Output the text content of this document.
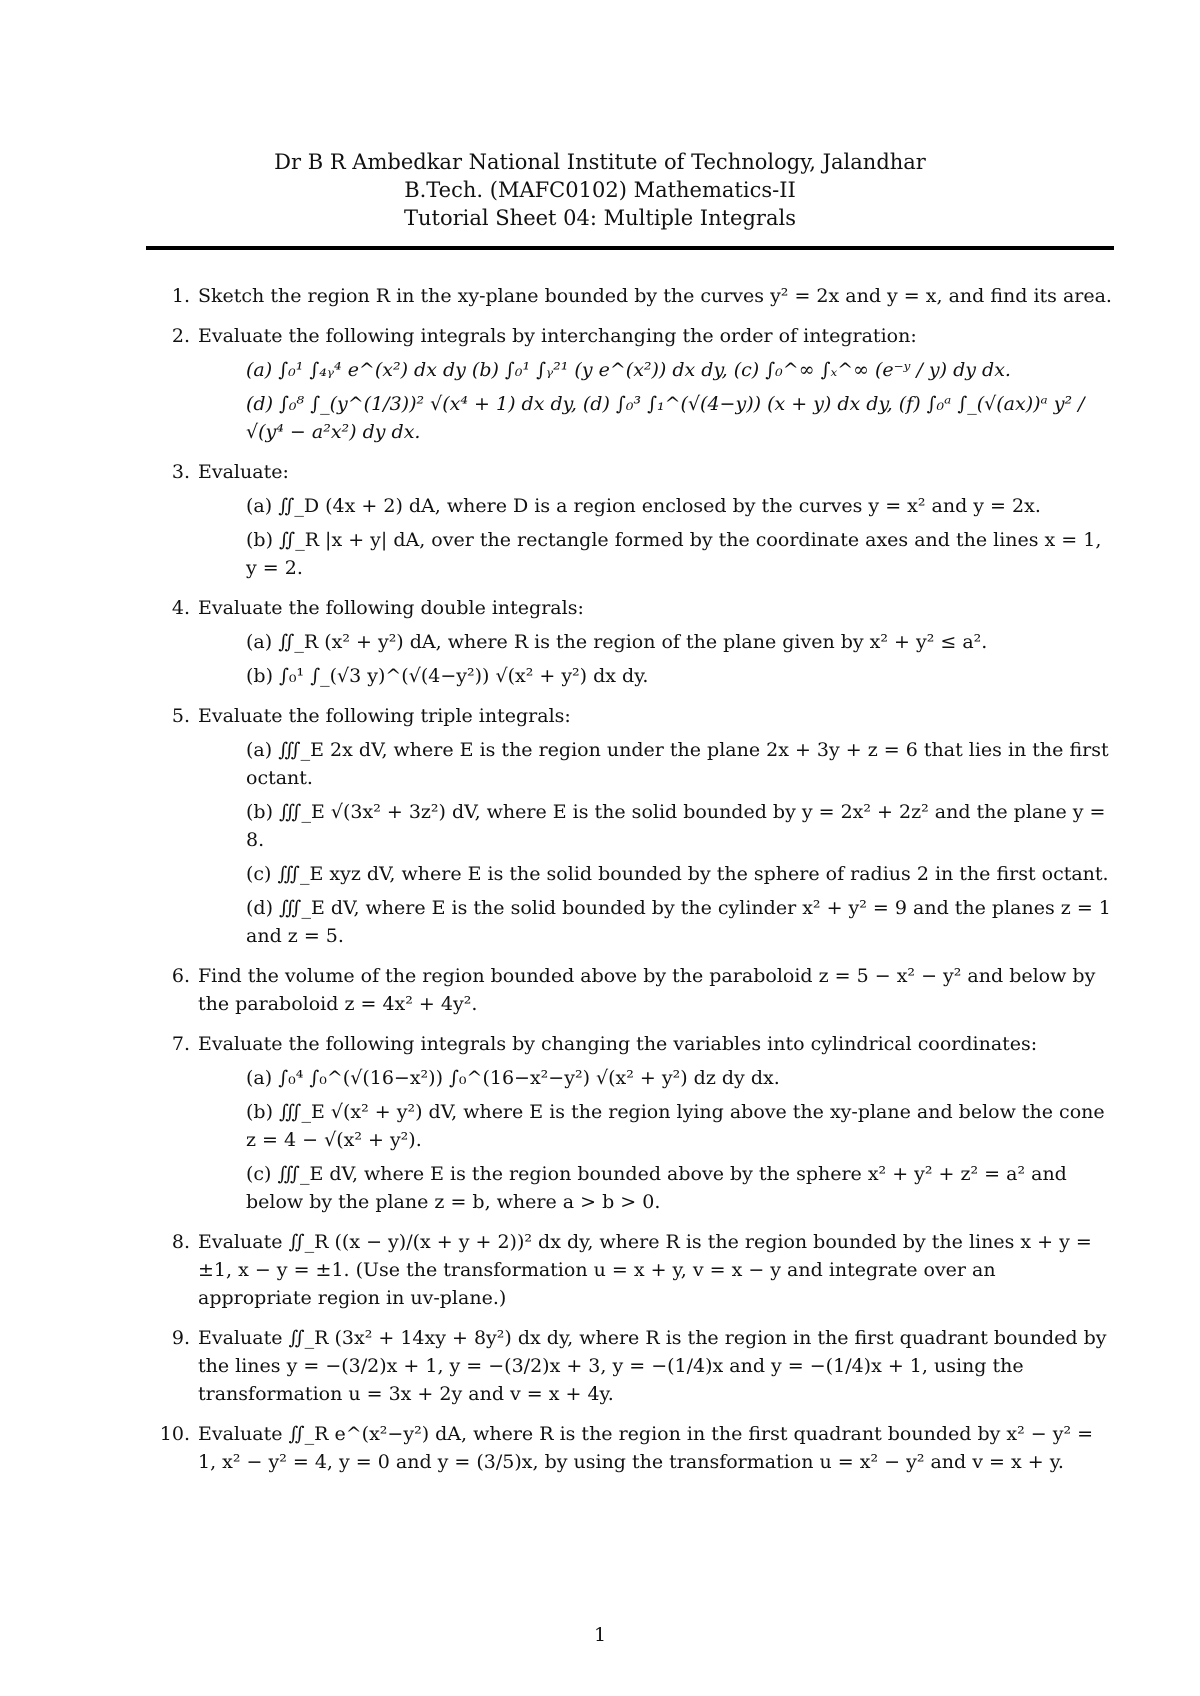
Dr B R Ambedkar National Institute of Technology, Jalandhar
B.Tech. (MAFC0102) Mathematics-II
Tutorial Sheet 04: Multiple Integrals
1. Sketch the region R in the xy-plane bounded by the curves y² = 2x and y = x, and find its area.
2. Evaluate the following integrals by interchanging the order of integration:
(a) ∫₀¹ ∫₄ᵧ⁴ e^(x²) dx dy (b) ∫₀¹ ∫ᵧ²¹ (y e^(x²)) dx dy, (c) ∫₀^∞ ∫ₓ^∞ (e⁻ʸ / y) dy dx.
(d) ∫₀⁸ ∫_(y^(1/3))² √(x⁴ + 1) dx dy, (d) ∫₀³ ∫₁^(√(4−y)) (x + y) dx dy, (f) ∫₀ᵃ ∫_(√(ax))ᵃ y² / √(y⁴ − a²x²) dy dx.
3. Evaluate:
(a) ∬_D (4x + 2) dA, where D is a region enclosed by the curves y = x² and y = 2x.
(b) ∬_R |x + y| dA, over the rectangle formed by the coordinate axes and the lines x = 1, y = 2.
4. Evaluate the following double integrals:
(a) ∬_R (x² + y²) dA, where R is the region of the plane given by x² + y² ≤ a².
(b) ∫₀¹ ∫_(√3 y)^(√(4−y²)) √(x² + y²) dx dy.
5. Evaluate the following triple integrals:
(a) ∭_E 2x dV, where E is the region under the plane 2x + 3y + z = 6 that lies in the first octant.
(b) ∭_E √(3x² + 3z²) dV, where E is the solid bounded by y = 2x² + 2z² and the plane y = 8.
(c) ∭_E xyz dV, where E is the solid bounded by the sphere of radius 2 in the first octant.
(d) ∭_E dV, where E is the solid bounded by the cylinder x² + y² = 9 and the planes z = 1 and z = 5.
6. Find the volume of the region bounded above by the paraboloid z = 5 − x² − y² and below by the paraboloid z = 4x² + 4y².
7. Evaluate the following integrals by changing the variables into cylindrical coordinates:
(a) ∫₀⁴ ∫₀^(√(16−x²)) ∫₀^(16−x²−y²) √(x² + y²) dz dy dx.
(b) ∭_E √(x² + y²) dV, where E is the region lying above the xy-plane and below the cone z = 4 − √(x² + y²).
(c) ∭_E dV, where E is the region bounded above by the sphere x² + y² + z² = a² and below by the plane z = b, where a > b > 0.
8. Evaluate ∬_R ((x − y)/(x + y + 2))² dx dy, where R is the region bounded by the lines x + y = ±1, x − y = ±1. (Use the transformation u = x + y, v = x − y and integrate over an appropriate region in uv-plane.)
9. Evaluate ∬_R (3x² + 14xy + 8y²) dx dy, where R is the region in the first quadrant bounded by the lines y = −(3/2)x + 1, y = −(3/2)x + 3, y = −(1/4)x and y = −(1/4)x + 1, using the transformation u = 3x + 2y and v = x + 4y.
10. Evaluate ∬_R e^(x²−y²) dA, where R is the region in the first quadrant bounded by x² − y² = 1, x² − y² = 4, y = 0 and y = (3/5)x, by using the transformation u = x² − y² and v = x + y.
1
